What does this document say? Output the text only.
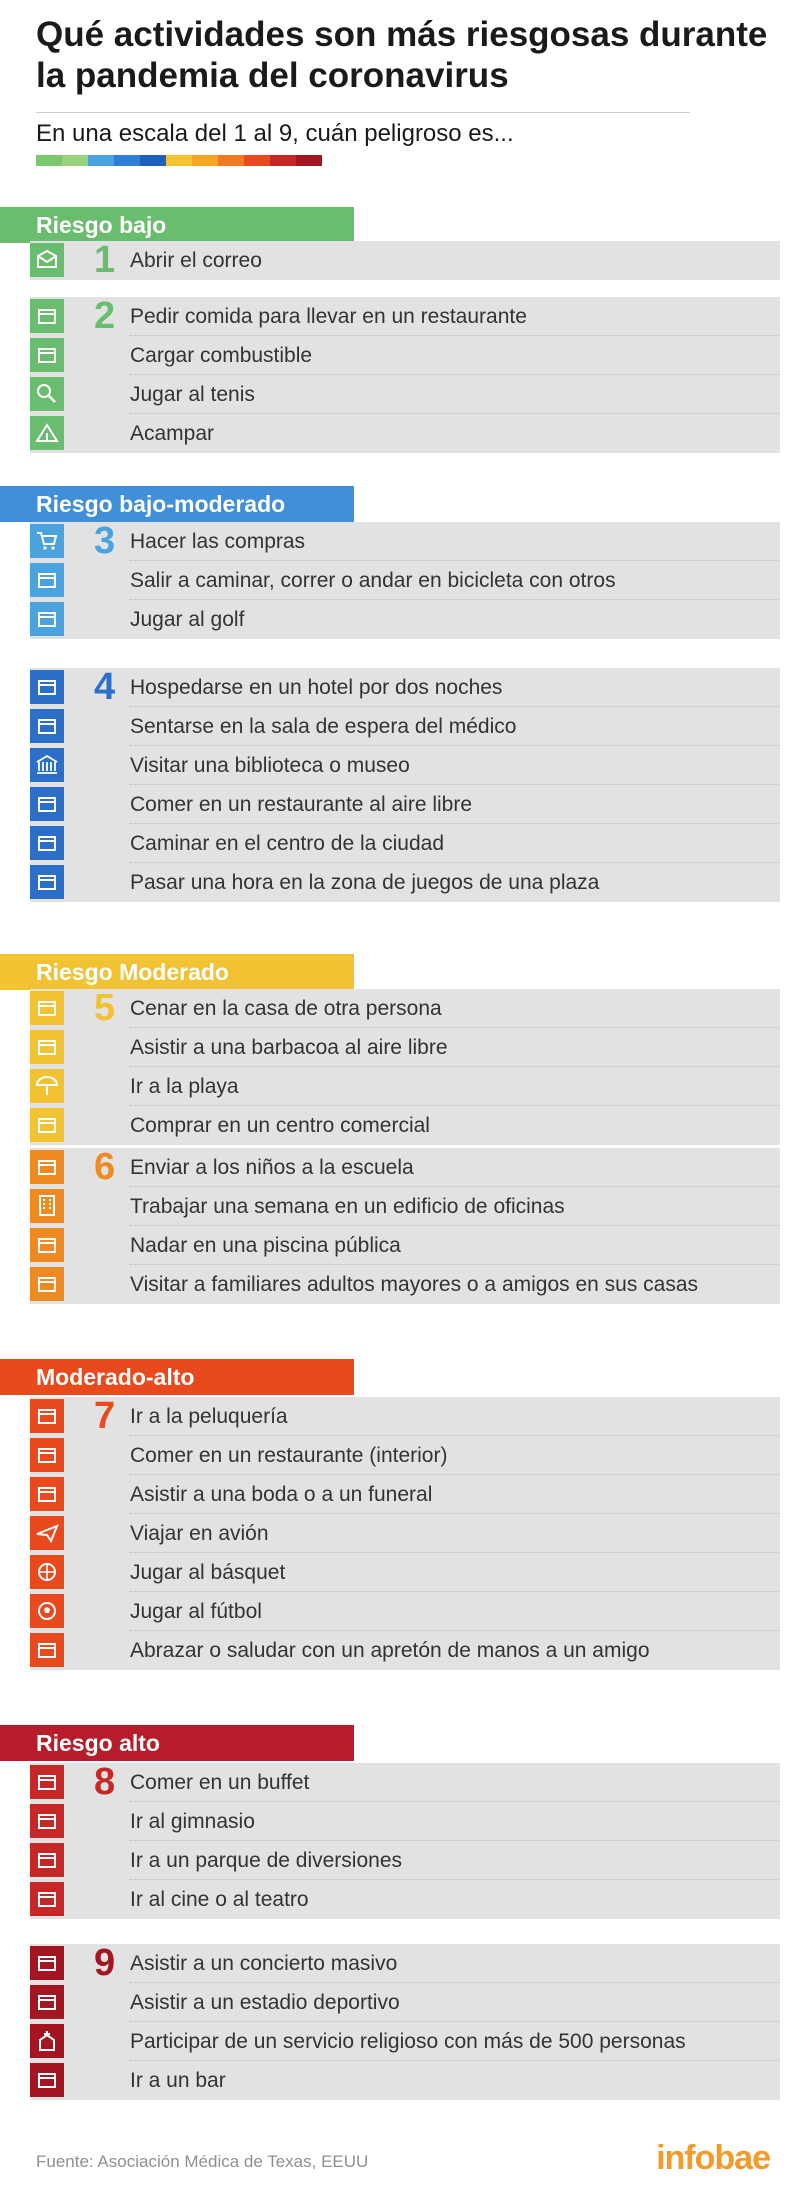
Qué actividades son más riesgosas durante la pandemia del coronavirus
En una escala del 1 al 9, cuán peligroso es...
Riesgo bajo
Abrir el correo
1
Pedir comida para llevar en un restaurante
Cargar combustible
Jugar al tenis
Acampar
2
Riesgo bajo-moderado
Hacer las compras
Salir a caminar, correr o andar en bicicleta con otros
Jugar al golf
3
Hospedarse en un hotel por dos noches
Sentarse en la sala de espera del médico
Visitar una biblioteca o museo
Comer en un restaurante al aire libre
Caminar en el centro de la ciudad
Pasar una hora en la zona de juegos de una plaza
4
Riesgo Moderado
Cenar en la casa de otra persona
Asistir a una barbacoa al aire libre
Ir a la playa
Comprar en un centro comercial
5
Enviar a los niños a la escuela
Trabajar una semana en un edificio de oficinas
Nadar en una piscina pública
Visitar a familiares adultos mayores o a amigos en sus casas
6
Moderado-alto
Ir a la peluquería
Comer en un restaurante (interior)
Asistir a una boda o a un funeral
Viajar en avión
Jugar al básquet
Jugar al fútbol
Abrazar o saludar con un apretón de manos a un amigo
7
Riesgo alto
Comer en un buffet
Ir al gimnasio
Ir a un parque de diversiones
Ir al cine o al teatro
8
Asistir a un concierto masivo
Asistir a un estadio deportivo
Participar de un servicio religioso con más de 500 personas
Ir a un bar
9
Fuente: Asociación Médica de Texas, EEUU	infobae
